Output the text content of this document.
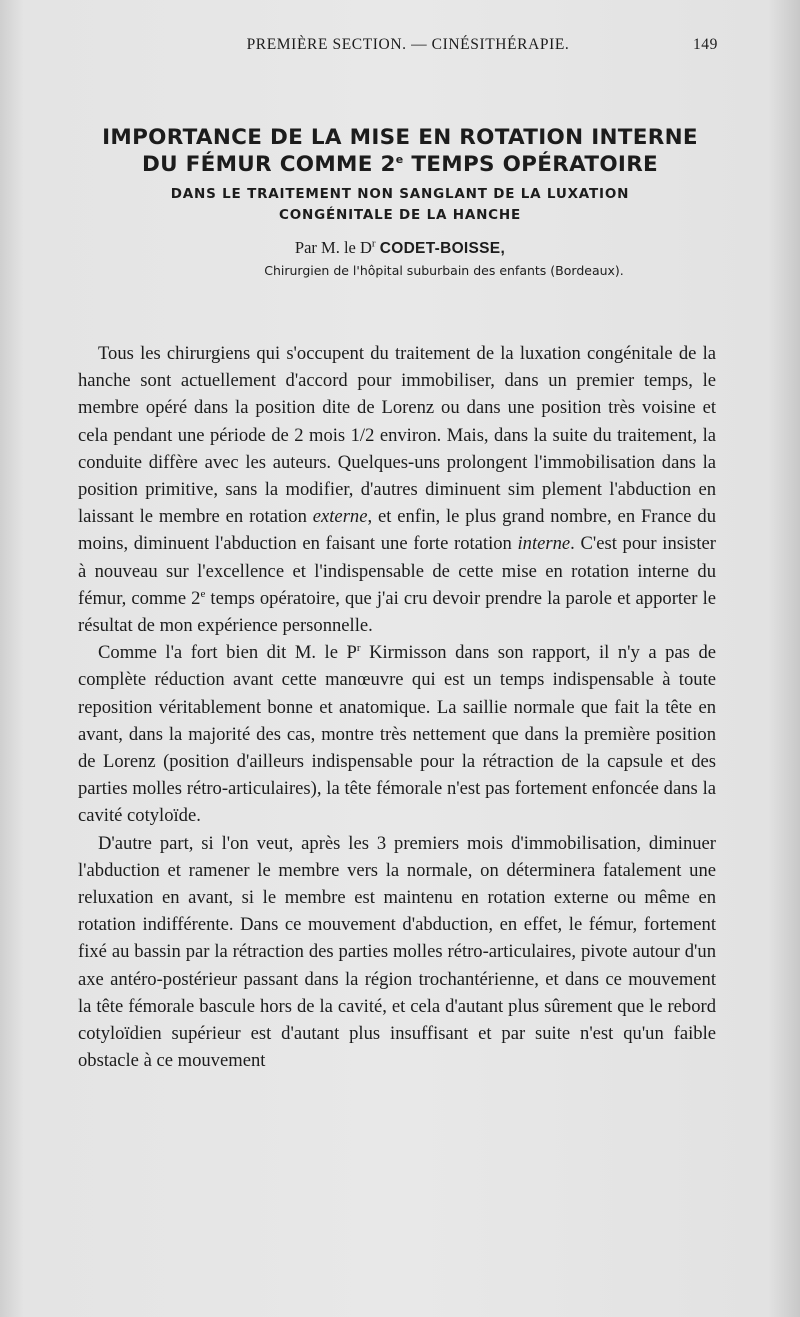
PREMIÈRE SECTION. — CINÉSITHÉRAPIE.	149

IMPORTANCE DE LA MISE EN ROTATION INTERNE
DU FÉMUR COMME 2e TEMPS OPÉRATOIRE

DANS LE TRAITEMENT NON SANGLANT DE LA LUXATION
CONGÉNITALE DE LA HANCHE

Par M. le $D^r$ CODET-BOISSE,
Chirurgien de l'hôpital suburbain des enfants (Bordeaux).

Tous les chirurgiens qui s'occupent du traitement de la luxation congénitale de la hanche sont actuellement d'accord pour immobiliser, dans un premier temps, le membre opéré dans la position dite de Lorenz ou dans une position très voisine et cela pendant une période de 2 mois 1/2 environ. Mais, dans la suite du traitement, la conduite diffère avec les auteurs. Quelques-uns prolongent l'immobilisation dans la position primitive, sans la modifier, d'autres diminuent sim plement l'abduction en laissant le membre en rotation externe, et enfin, le plus grand nombre, en France du moins, diminuent l'abduction en faisant une forte rotation interne. C'est pour insister à nouveau sur l'excellence et l'indispensable de cette mise en rotation interne du fémur, comme 2e temps opératoire, que j'ai cru devoir prendre la parole et apporter le résultat de mon expérience personnelle.

Comme l'a fort bien dit M. le $P^r$ Kirmisson dans son rapport, il n'y a pas de complète réduction avant cette manœuvre qui est un temps indispensable à toute reposition véritablement bonne et anatomique. La saillie normale que fait la tête en avant, dans la majorité des cas, montre très nettement que dans la première position de Lorenz (position d'ailleurs indispensable pour la rétraction de la capsule et des parties molles rétro-articulaires), la tête fémorale n'est pas fortement enfoncée dans la cavité cotyloïde.

D'autre part, si l'on veut, après les 3 premiers mois d'immobilisation, diminuer l'abduction et ramener le membre vers la normale, on déterminera fatalement une reluxation en avant, si le membre est maintenu en rotation externe ou même en rotation indifférente. Dans ce mouvement d'abduction, en effet, le fémur, fortement fixé au bassin par la rétraction des parties molles rétro-articulaires, pivote autour d'un axe antéro-postérieur passant dans la région trochantérienne, et dans ce mouvement la tête fémorale bascule hors de la cavité, et cela d'autant plus sûrement que le rebord cotyloïdien supérieur est d'autant plus insuffisant et par suite n'est qu'un faible obstacle à ce mouvement
